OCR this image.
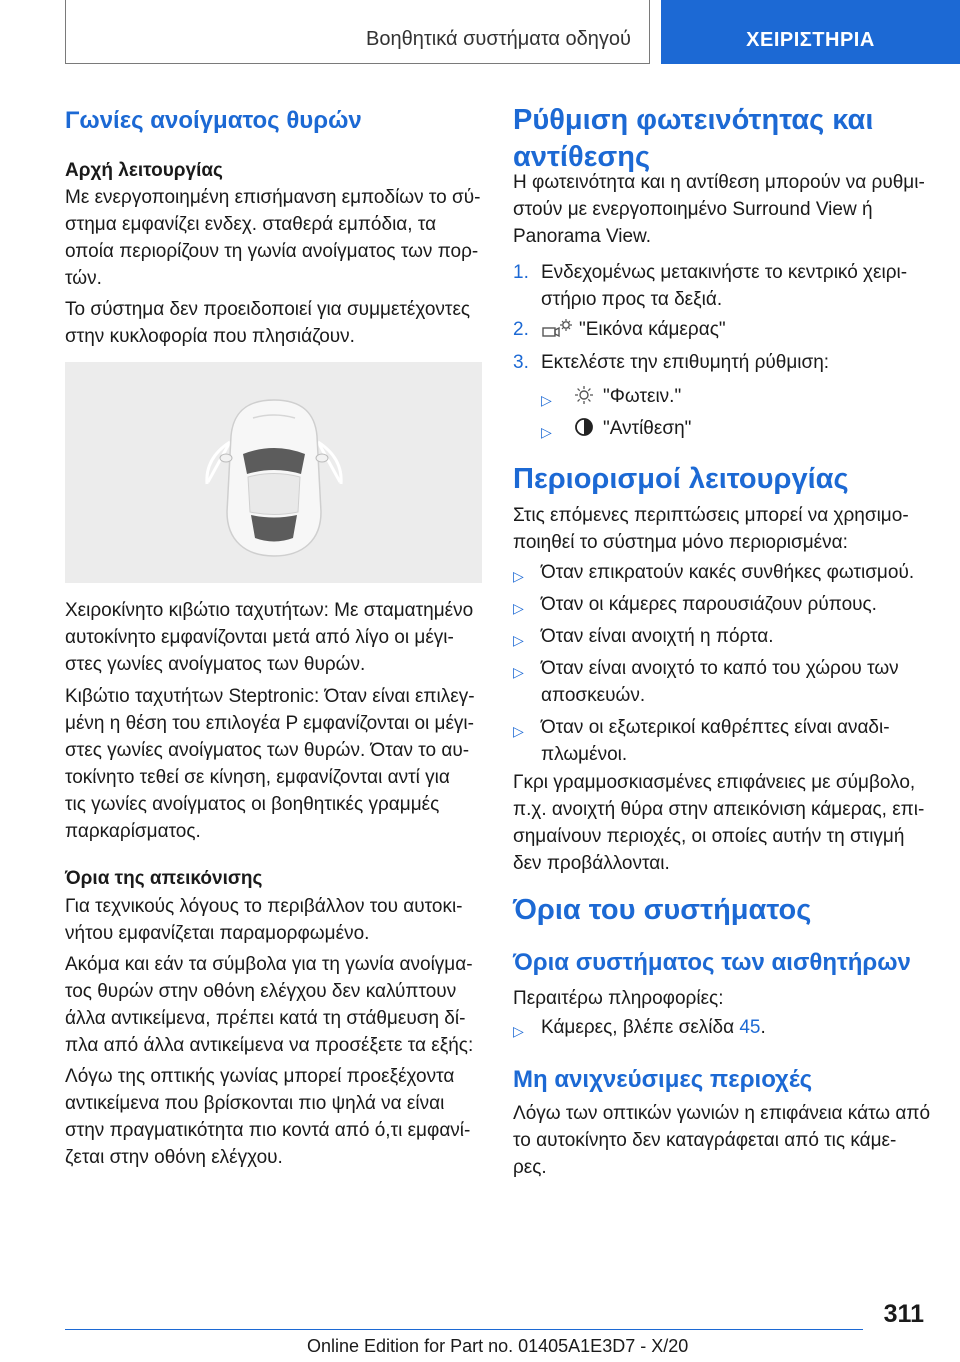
Βοηθητικά συστήματα οδηγού	ΧΕΙΡΙΣΤΗΡΙΑ
Γωνίες ανοίγματος θυρών
Αρχή λειτουργίας
Με ενεργοποιημένη επισήμανση εμποδίων το σύ-
στημα εμφανίζει ενδεχ. σταθερά εμπόδια, τα
οποία περιορίζουν τη γωνία ανοίγματος των πορ-
τών.
Το σύστημα δεν προειδοποιεί για συμμετέχοντες
στην κυκλοφορία που πλησιάζουν.
Χειροκίνητο κιβώτιο ταχυτήτων: Με σταματημένο
αυτοκίνητο εμφανίζονται μετά από λίγο οι μέγι-
στες γωνίες ανοίγματος των θυρών.
Κιβώτιο ταχυτήτων Steptronic: Όταν είναι επιλεγ-
μένη η θέση του επιλογέα P εμφανίζονται οι μέγι-
στες γωνίες ανοίγματος των θυρών. Όταν το αυ-
τοκίνητο τεθεί σε κίνηση, εμφανίζονται αντί για
τις γωνίες ανοίγματος οι βοηθητικές γραμμές
παρκαρίσματος.
Όρια της απεικόνισης
Για τεχνικούς λόγους το περιβάλλον του αυτοκι-
νήτου εμφανίζεται παραμορφωμένο.
Ακόμα και εάν τα σύμβολα για τη γωνία ανοίγμα-
τος θυρών στην οθόνη ελέγχου δεν καλύπτουν
άλλα αντικείμενα, πρέπει κατά τη στάθμευση δί-
πλα από άλλα αντικείμενα να προσέξετε τα εξής:
Λόγω της οπτικής γωνίας μπορεί προεξέχοντα
αντικείμενα που βρίσκονται πιο ψηλά να είναι
στην πραγματικότητα πιο κοντά από ό,τι εμφανί-
ζεται στην οθόνη ελέγχου.
Ρύθμιση φωτεινότητας και
αντίθεσης
Η φωτεινότητα και η αντίθεση μπορούν να ρυθμι-
στούν με ενεργοποιημένο Surround View ή
Panorama View.
1. Ενδεχομένως μετακινήστε το κεντρικό χειρι-
στήριο προς τα δεξιά.
2.	"Εικόνα κάμερας"
3. Εκτελέστε την επιθυμητή ρύθμιση:
▷	"Φωτειν."
▷	"Αντίθεση"
Περιορισμοί λειτουργίας
Στις επόμενες περιπτώσεις μπορεί να χρησιμο-
ποιηθεί το σύστημα μόνο περιορισμένα:
▷ Όταν επικρατούν κακές συνθήκες φωτισμού.
▷ Όταν οι κάμερες παρουσιάζουν ρύπους.
▷ Όταν είναι ανοιχτή η πόρτα.
▷ Όταν είναι ανοιχτό το καπό του χώρου των
αποσκευών.
▷ Όταν οι εξωτερικοί καθρέπτες είναι αναδι-
πλωμένοι.
Γκρι γραμμοσκιασμένες επιφάνειες με σύμβολο,
π.χ. ανοιχτή θύρα στην απεικόνιση κάμερας, επι-
σημαίνουν περιοχές, οι οποίες αυτήν τη στιγμή
δεν προβάλλονται.
Όρια του συστήματος
Όρια συστήματος των αισθητήρων
Περαιτέρω πληροφορίες:
▷ Κάμερες, βλέπε σελίδα 45.
Μη ανιχνεύσιμες περιοχές
Λόγω των οπτικών γωνιών η επιφάνεια κάτω από
το αυτοκίνητο δεν καταγράφεται από τις κάμε-
ρες.
311
Online Edition for Part no. 01405A1E3D7 - X/20
